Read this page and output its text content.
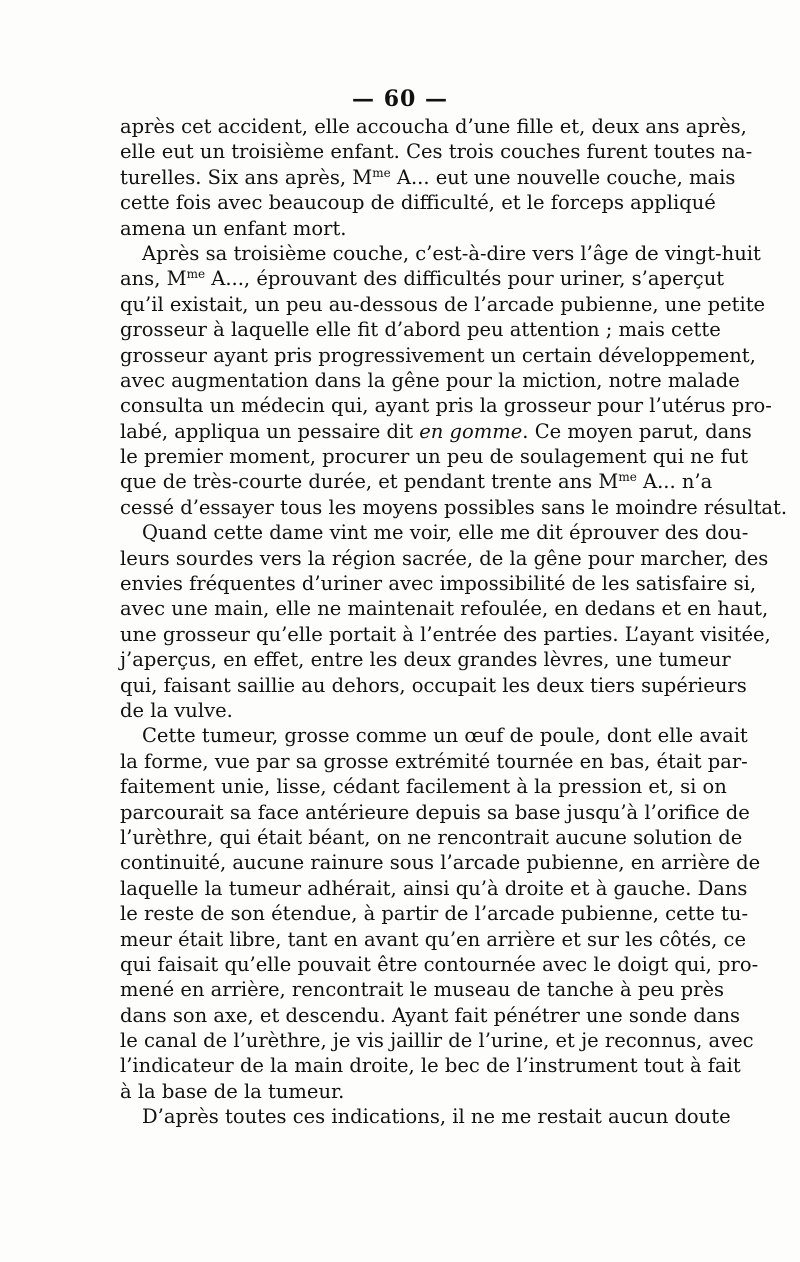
— 60 —
après cet accident, elle accoucha d’une fille et, deux ans après,
elle eut un troisième enfant. Ces trois couches furent toutes na-
turelles. Six ans après, $M^{me}$ A... eut une nouvelle couche, mais
cette fois avec beaucoup de difficulté, et le forceps appliqué
amena un enfant mort.
Après sa troisième couche, c’est-à-dire vers l’âge de vingt-huit
ans, $M^{me}$ A..., éprouvant des difficultés pour uriner, s’aperçut
qu’il existait, un peu au-dessous de l’arcade pubienne, une petite
grosseur à laquelle elle fit d’abord peu attention ; mais cette
grosseur ayant pris progressivement un certain développement,
avec augmentation dans la gêne pour la miction, notre malade
consulta un médecin qui, ayant pris la grosseur pour l’utérus pro-
labé, appliqua un pessaire dit en gomme. Ce moyen parut, dans
le premier moment, procurer un peu de soulagement qui ne fut
que de très-courte durée, et pendant trente ans $M^{me}$ A... n’a
cessé d’essayer tous les moyens possibles sans le moindre résultat.
Quand cette dame vint me voir, elle me dit éprouver des dou-
leurs sourdes vers la région sacrée, de la gêne pour marcher, des
envies fréquentes d’uriner avec impossibilité de les satisfaire si,
avec une main, elle ne maintenait refoulée, en dedans et en haut,
une grosseur qu’elle portait à l’entrée des parties. L’ayant visitée,
j’aperçus, en effet, entre les deux grandes lèvres, une tumeur
qui, faisant saillie au dehors, occupait les deux tiers supérieurs
de la vulve.
Cette tumeur, grosse comme un œuf de poule, dont elle avait
la forme, vue par sa grosse extrémité tournée en bas, était par-
faitement unie, lisse, cédant facilement à la pression et, si on
parcourait sa face antérieure depuis sa base jusqu’à l’orifice de
l’urèthre, qui était béant, on ne rencontrait aucune solution de
continuité, aucune rainure sous l’arcade pubienne, en arrière de
laquelle la tumeur adhérait, ainsi qu’à droite et à gauche. Dans
le reste de son étendue, à partir de l’arcade pubienne, cette tu-
meur était libre, tant en avant qu’en arrière et sur les côtés, ce
qui faisait qu’elle pouvait être contournée avec le doigt qui, pro-
mené en arrière, rencontrait le museau de tanche à peu près
dans son axe, et descendu. Ayant fait pénétrer une sonde dans
le canal de l’urèthre, je vis jaillir de l’urine, et je reconnus, avec
l’indicateur de la main droite, le bec de l’instrument tout à fait
à la base de la tumeur.
D’après toutes ces indications, il ne me restait aucun doute
